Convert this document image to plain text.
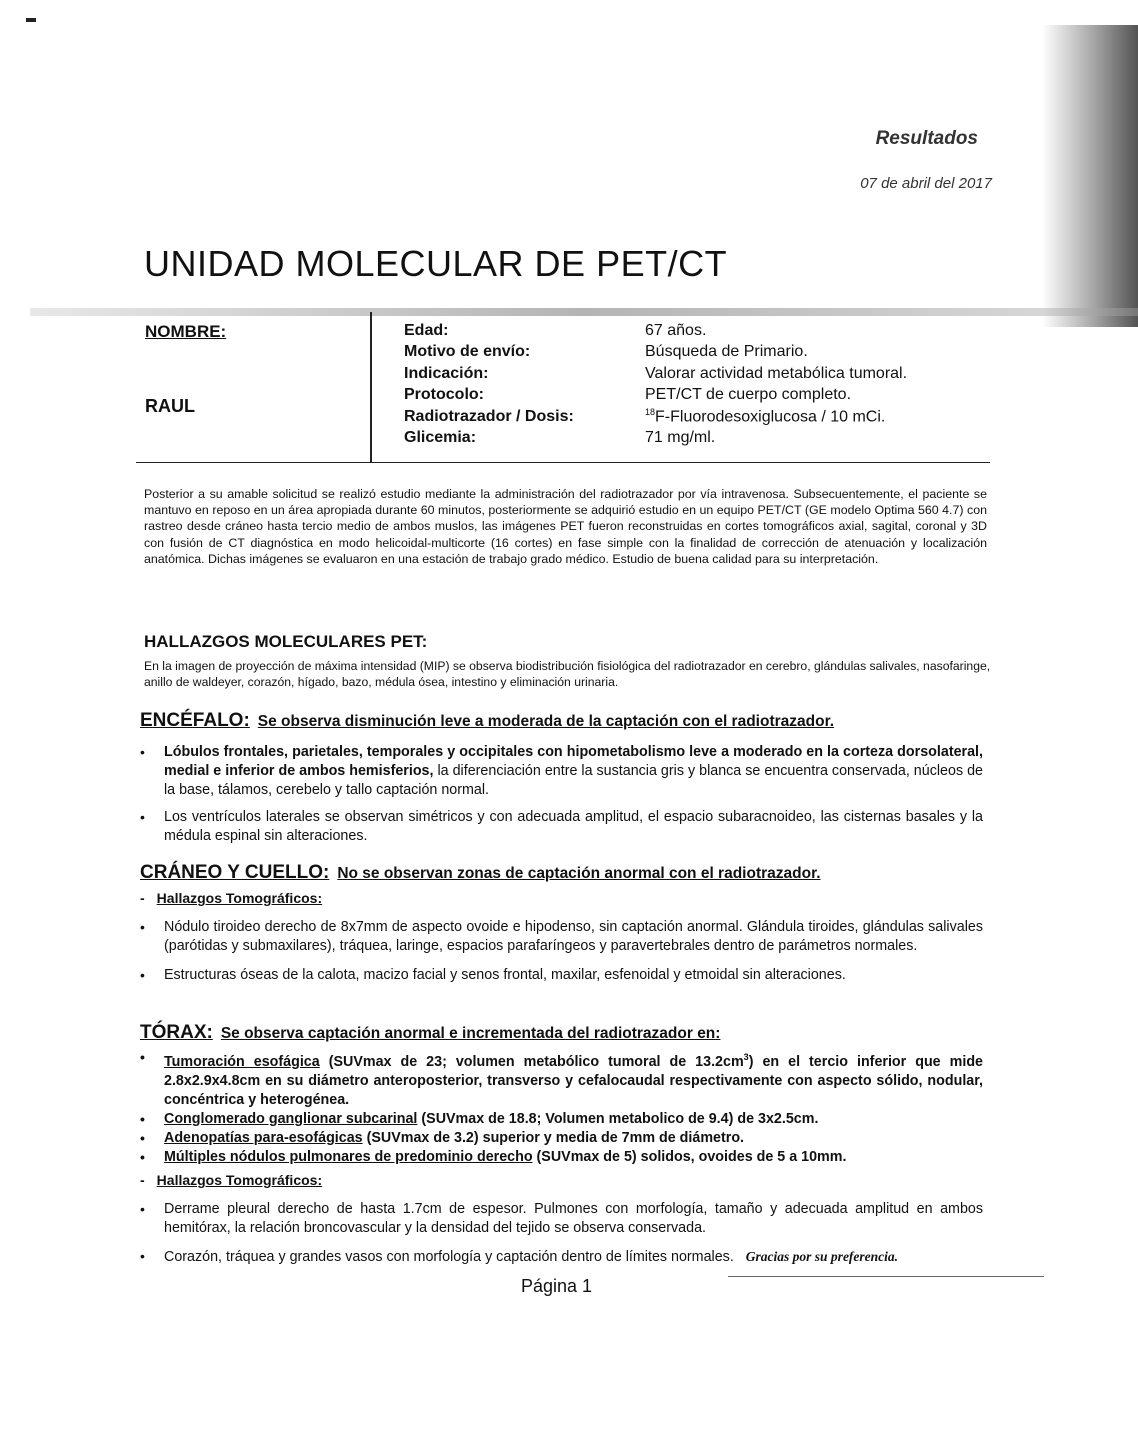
Resultados
07 de abril del 2017
UNIDAD MOLECULAR DE PET/CT
NOMBRE:
RAUL
Edad:	67 años.
Motivo de envío:	Búsqueda de Primario.
Indicación:	Valorar actividad metabólica tumoral.
Protocolo:	PET/CT de cuerpo completo.
Radiotrazador / Dosis:	$^{18}$F-Fluorodesoxiglucosa / 10 mCi.
Glicemia:	71 mg/ml.

Posterior a su amable solicitud se realizó estudio mediante la administración del radiotrazador por vía intravenosa. Subsecuentemente, el paciente se mantuvo en reposo en un área apropiada durante 60 minutos, posteriormente se adquirió estudio en un equipo PET/CT (GE modelo Optima 560 4.7) con rastreo desde cráneo hasta tercio medio de ambos muslos, las imágenes PET fueron reconstruidas en cortes tomográficos axial, sagital, coronal y 3D con fusión de CT diagnóstica en modo helicoidal-multicorte (16 cortes) en fase simple con la finalidad de corrección de atenuación y localización anatómica. Dichas imágenes se evaluaron en una estación de trabajo grado médico. Estudio de buena calidad para su interpretación.

HALLAZGOS MOLECULARES PET:

En la imagen de proyección de máxima intensidad (MIP) se observa biodistribución fisiológica del radiotrazador en cerebro, glándulas salivales, nasofaringe, anillo de waldeyer, corazón, hígado, bazo, médula ósea, intestino y eliminación urinaria.

ENCÉFALO: Se observa disminución leve a moderada de la captación con el radiotrazador.
• Lóbulos frontales, parietales, temporales y occipitales con hipometabolismo leve a moderado en la corteza dorsolateral, medial e inferior de ambos hemisferios, la diferenciación entre la sustancia gris y blanca se encuentra conservada, núcleos de la base, tálamos, cerebelo y tallo captación normal.
• Los ventrículos laterales se observan simétricos y con adecuada amplitud, el espacio subaracnoideo, las cisternas basales y la médula espinal sin alteraciones.
CRÁNEO Y CUELLO: No se observan zonas de captación anormal con el radiotrazador.
- Hallazgos Tomográficos:
• Nódulo tiroideo derecho de 8x7mm de aspecto ovoide e hipodenso, sin captación anormal. Glándula tiroides, glándulas salivales (parótidas y submaxilares), tráquea, laringe, espacios parafaríngeos y paravertebrales dentro de parámetros normales.
• Estructuras óseas de la calota, macizo facial y senos frontal, maxilar, esfenoidal y etmoidal sin alteraciones.
TÓRAX: Se observa captación anormal e incrementada del radiotrazador en:
• Tumoración esofágica (SUVmax de 23; volumen metabólico tumoral de $13.2cm^3$) en el tercio inferior que mide 2.8x2.9x4.8cm en su diámetro anteroposterior, transverso y cefalocaudal respectivamente con aspecto sólido, nodular, concéntrica y heterogénea.
• Conglomerado ganglionar subcarinal (SUVmax de 18.8; Volumen metabolico de 9.4) de 3x2.5cm.
• Adenopatías para-esofágicas (SUVmax de 3.2) superior y media de 7mm de diámetro.
• Múltiples nódulos pulmonares de predominio derecho (SUVmax de 5) solidos, ovoides de 5 a 10mm.
- Hallazgos Tomográficos:
• Derrame pleural derecho de hasta 1.7cm de espesor. Pulmones con morfología, tamaño y adecuada amplitud en ambos hemitórax, la relación broncovascular y la densidad del tejido se observa conservada.
• Corazón, tráquea y grandes vasos con morfología y captación dentro de límites normales. Gracias por su preferencia.
Página 1
